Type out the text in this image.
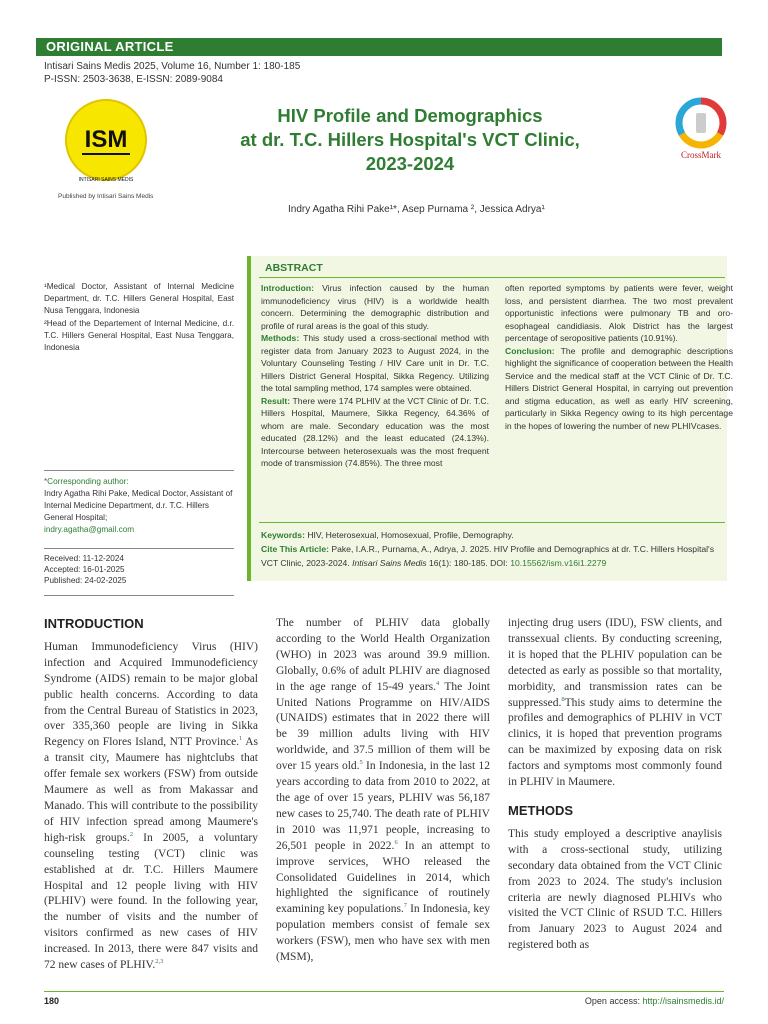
ORIGINAL ARTICLE
Intisari Sains Medis 2025, Volume 16, Number 1: 180-185
P-ISSN: 2503-3638, E-ISSN: 2089-9084
ISM
INTISARI SAINS MEDIS
Published by Intisari Sains Medis
HIV Profile and Demographics
at dr. T.C. Hillers Hospital's VCT Clinic,
2023-2024	CrossMark
Indry Agatha Rihi Pake¹*, Asep Purnama ², Jessica Adrya¹

¹Medical Doctor, Assistant of Internal Medicine Department, dr. T.C. Hillers General Hospital, East Nusa Tenggara, Indonesia

²Head of the Departement of Internal Medicine, d.r. T.C. Hillers General Hospital, East Nusa Tenggara, Indonesia

*Corresponding author:
Indry Agatha Rihi Pake, Medical Doctor, Assistant of Internal Medicine Department, d.r. T.C. Hillers General Hospital;
indry.agatha@gmail.com
Received: 11-12-2024
Accepted: 16-01-2025
Published: 24-02-2025
ABSTRACT
Introduction: Virus infection caused by the human immunodeficiency virus (HIV) is a worldwide health concern. Determining the demographic distribution and profile of rural areas is the goal of this study.
Methods: This study used a cross-sectional method with register data from January 2023 to August 2024, in the Voluntary Counseling Testing / HIV Care unit in Dr. T.C. Hillers District General Hospital, Sikka Regency. Utilizing the total sampling method, 174 samples were obtained.
Result: There were 174 PLHIV at the VCT Clinic of Dr. T.C. Hillers Hospital, Maumere, Sikka Regency, 64.36% of whom are male. Secondary education was the most educated (28.12%) and the least educated (24.13%). Intercourse between heterosexuals was the most frequent mode of transmission (74.85%). The three most
often reported symptoms by patients were fever, weight loss, and persistent diarrhea. The two most prevalent opportunistic infections were pulmonary TB and oro-esophageal candidiasis. Alok District has the largest percentage of seropositive patients (10.91%).
Conclusion: The profile and demographic descriptions highlight the significance of cooperation between the Health Service and the medical staff at the VCT Clinic of Dr. T.C. Hillers District General Hospital, in carrying out prevention and stigma education, as well as early HIV screening, particularly in Sikka Regency owing to its high percentage in the hopes of lowering the number of new PLHIVcases.
Keywords: HIV, Heterosexual, Homosexual, Profile, Demography.
Cite This Article: Pake, I.A.R., Purnama, A., Adrya, J. 2025. HIV Profile and Demographics at dr. T.C. Hillers Hospital's VCT Clinic, 2023-2024. Intisari Sains Medis 16(1): 180-185. DOI: 10.15562/ism.v16i1.2279
INTRODUCTION

Human Immunodeficiency Virus (HIV) infection and Acquired Immunodeficiency Syndrome (AIDS) remain to be major global public health concerns. According to data from the Central Bureau of Statistics in 2023, over 335,360 people are living in Sikka Regency on Flores Island, NTT Province.$^1$ As a transit city, Maumere has nightclubs that offer female sex workers (FSW) from outside Maumere as well as from Makassar and Manado. This will contribute to the possibility of HIV infection spread among Maumere's high-risk groups.$^2$ In 2005, a voluntary counseling testing (VCT) clinic was established at dr. T.C. Hillers Maumere Hospital and 12 people living with HIV (PLHIV) were found. In the following year, the number of visits and the number of visitors confirmed as new cases of HIV increased. In 2013, there were 847 visits and 72 new cases of PLHIV.$^{2,3}$

The number of PLHIV data globally according to the World Health Organization (WHO) in 2023 was around 39.9 million. Globally, 0.6% of adult PLHIV are diagnosed in the age range of 15-49 years.$^4$ The Joint United Nations Programme on HIV/AIDS (UNAIDS) estimates that in 2022 there will be 39 million adults living with HIV worldwide, and 37.5 million of them will be over 15 years old.$^5$ In Indonesia, in the last 12 years according to data from 2010 to 2022, at the age of over 15 years, PLHIV was 56,187 new cases to 25,740. The death rate of PLHIV in 2010 was 11,971 people, increasing to 26,501 people in 2022.$^6$ In an attempt to improve services, WHO released the Consolidated Guidelines in 2014, which highlighted the significance of routinely examining key populations.$^7$ In Indonesia, key population members consist of female sex workers (FSW), men who have sex with men (MSM),

injecting drug users (IDU), FSW clients, and transsexual clients. By conducting screening, it is hoped that the PLHIV population can be detected as early as possible so that mortality, morbidity, and transmission rates can be suppressed.$^8$This study aims to determine the profiles and demographics of PLHIV in VCT clinics, it is hoped that prevention programs can be maximized by exposing data on risk factors and symptoms most commonly found in PLHIV in Maumere.

METHODS

This study employed a descriptive anaylisis with a cross-sectional study, utilizing secondary data obtained from the VCT Clinic from 2023 to 2024. The study's inclusion criteria are newly diagnosed PLHIVs who visited the VCT Clinic of RSUD T.C. Hillers from January 2023 to August 2024 and registered both as

180	Open access: http://isainsmedis.id/
